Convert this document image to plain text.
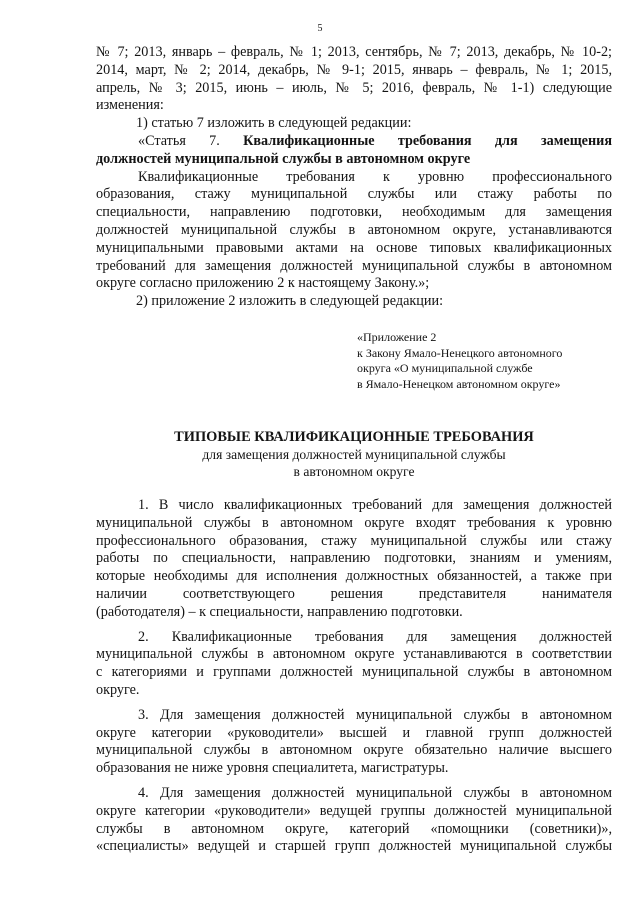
5

№ 7; 2013, январь – февраль, № 1; 2013, сентябрь, № 7; 2013, декабрь, № 10-2;

2014, март, № 2; 2014, декабрь, № 9-1; 2015, январь – февраль, № 1; 2015,

апрель, № 3; 2015, июнь – июль, № 5; 2016, февраль, № 1-1) следующие

изменения:

1) статью 7 изложить в следующей редакции:

«Статья 7. Квалификационные требования для замещения

должностей муниципальной службы в автономном округе

Квалификационные требования к уровню профессионального

образования, стажу муниципальной службы или стажу работы по

специальности, направлению подготовки, необходимым для замещения

должностей муниципальной службы в автономном округе, устанавливаются

муниципальными правовыми актами на основе типовых квалификационных

требований для замещения должностей муниципальной службы в автономном

округе согласно приложению 2 к настоящему Закону.»;

2) приложение 2 изложить в следующей редакции:

«Приложение 2
к Закону Ямало-Ненецкого автономного
округа «О муниципальной службе
в Ямало-Ненецком автономном округе»
ТИПОВЫЕ КВАЛИФИКАЦИОННЫЕ ТРЕБОВАНИЯ
для замещения должностей муниципальной службы
в автономном округе

1. В число квалификационных требований для замещения должностей

муниципальной службы в автономном округе входят требования к уровню

профессионального образования, стажу муниципальной службы или стажу

работы по специальности, направлению подготовки, знаниям и умениям,

которые необходимы для исполнения должностных обязанностей, а также при

наличии соответствующего решения представителя нанимателя

(работодателя) – к специальности, направлению подготовки.

2. Квалификационные требования для замещения должностей

муниципальной службы в автономном округе устанавливаются в соответствии

с категориями и группами должностей муниципальной службы в автономном

округе.

3. Для замещения должностей муниципальной службы в автономном

округе категории «руководители» высшей и главной групп должностей

муниципальной службы в автономном округе обязательно наличие высшего

образования не ниже уровня специалитета, магистратуры.

4. Для замещения должностей муниципальной службы в автономном

округе категории «руководители» ведущей группы должностей муниципальной

службы в автономном округе, категорий «помощники (советники)»,

«специалисты» ведущей и старшей групп должностей муниципальной службы
